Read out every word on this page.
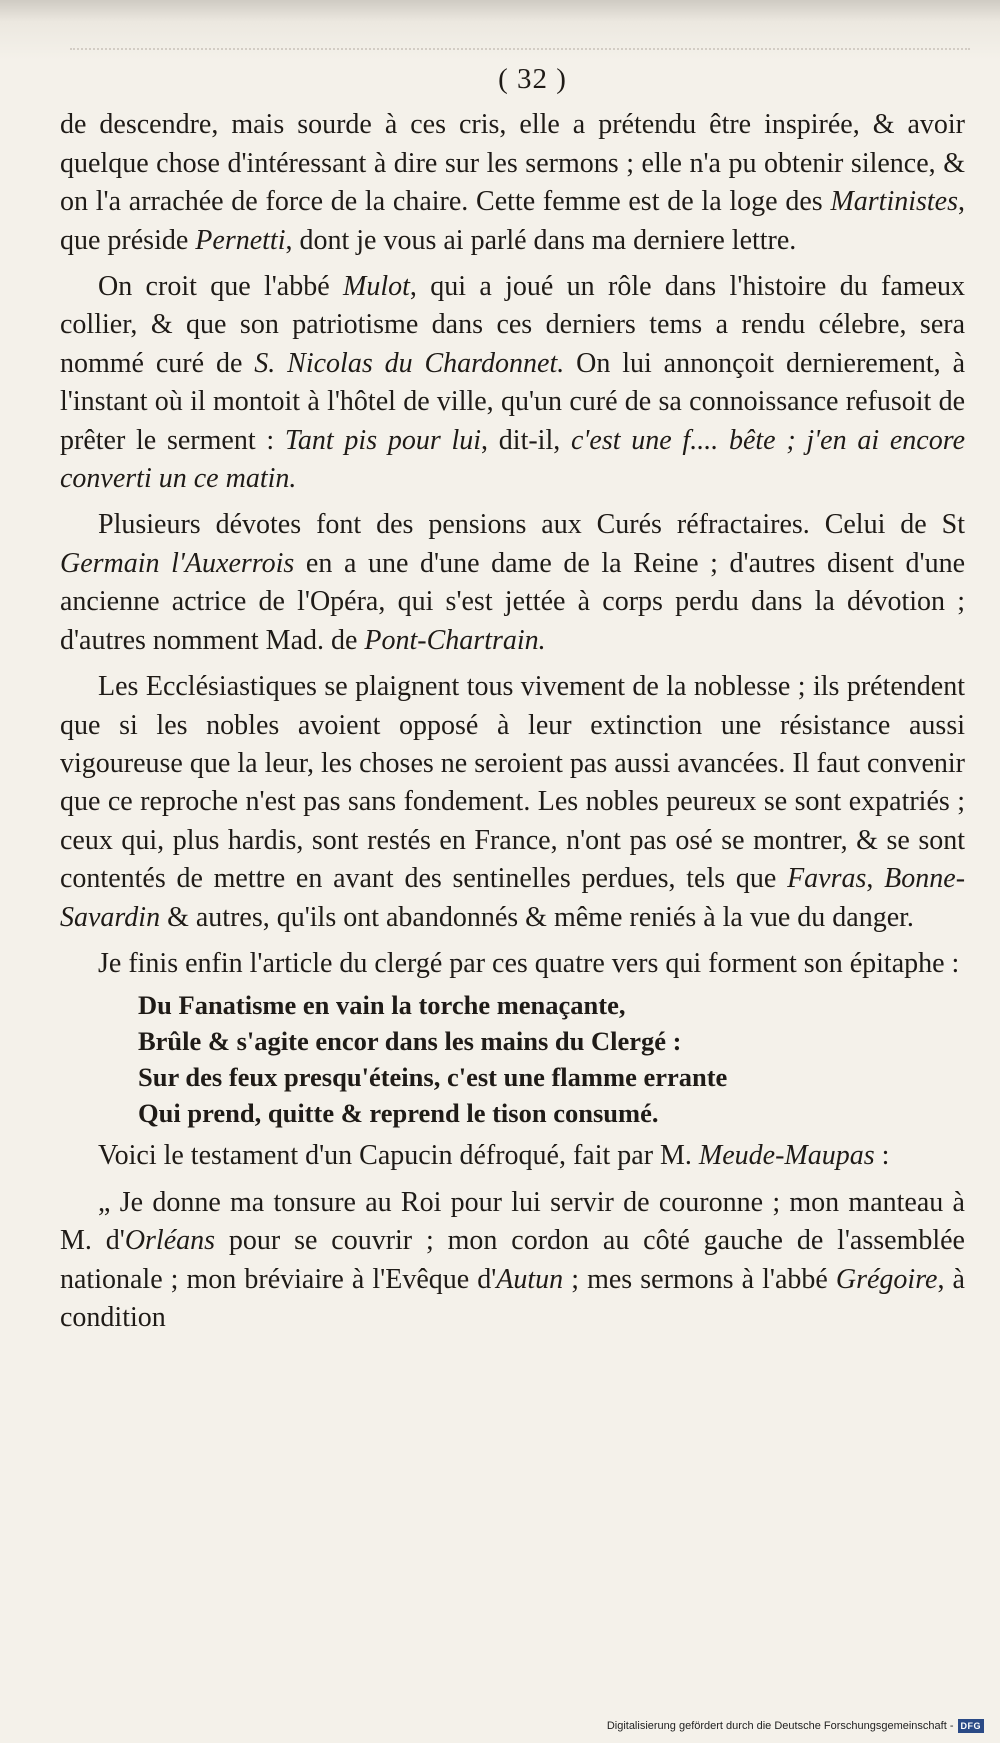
( 32 )

de descendre, mais sourde à ces cris, elle a prétendu être inspirée, & avoir quelque chose d'intéressant à dire sur les sermons ; elle n'a pu obtenir silence, & on l'a arrachée de force de la chaire. Cette femme est de la loge des Martinistes, que préside Pernetti, dont je vous ai parlé dans ma derniere lettre.

On croit que l'abbé Mulot, qui a joué un rôle dans l'histoire du fameux collier, & que son patriotisme dans ces derniers tems a rendu célebre, sera nommé curé de S. Nicolas du Chardonnet. On lui annonçoit dernierement, à l'instant où il montoit à l'hôtel de ville, qu'un curé de sa connoissance refusoit de prêter le serment : Tant pis pour lui, dit-il, c'est une f.... bête ; j'en ai encore converti un ce matin.

Plusieurs dévotes font des pensions aux Curés réfractaires. Celui de St Germain l'Auxerrois en a une d'une dame de la Reine ; d'autres disent d'une ancienne actrice de l'Opéra, qui s'est jettée à corps perdu dans la dévotion ; d'autres nomment Mad. de Pont-Chartrain.

Les Ecclésiastiques se plaignent tous vivement de la noblesse ; ils prétendent que si les nobles avoient opposé à leur extinction une résistance aussi vigoureuse que la leur, les choses ne seroient pas aussi avancées. Il faut convenir que ce reproche n'est pas sans fondement. Les nobles peureux se sont expatriés ; ceux qui, plus hardis, sont restés en France, n'ont pas osé se montrer, & se sont contentés de mettre en avant des sentinelles perdues, tels que Favras, Bonne-Savardin & autres, qu'ils ont abandonnés & même reniés à la vue du danger.

Je finis enfin l'article du clergé par ces quatre vers qui forment son épitaphe :

Du Fanatisme en vain la torche menaçante,
Brûle & s'agite encor dans les mains du Clergé :
Sur des feux presqu'éteins, c'est une flamme errante
Qui prend, quitte & reprend le tison consumé.

Voici le testament d'un Capucin défroqué, fait par M. Meude-Maupas :

„ Je donne ma tonsure au Roi pour lui servir de couronne ; mon manteau à M. d'Orléans pour se couvrir ; mon cordon au côté gauche de l'assemblée nationale ; mon bréviaire à l'Evêque d'Autun ; mes sermons à l'abbé Grégoire, à condition

Digitalisierung gefördert durch die Deutsche Forschungsgemeinschaft - DFG
